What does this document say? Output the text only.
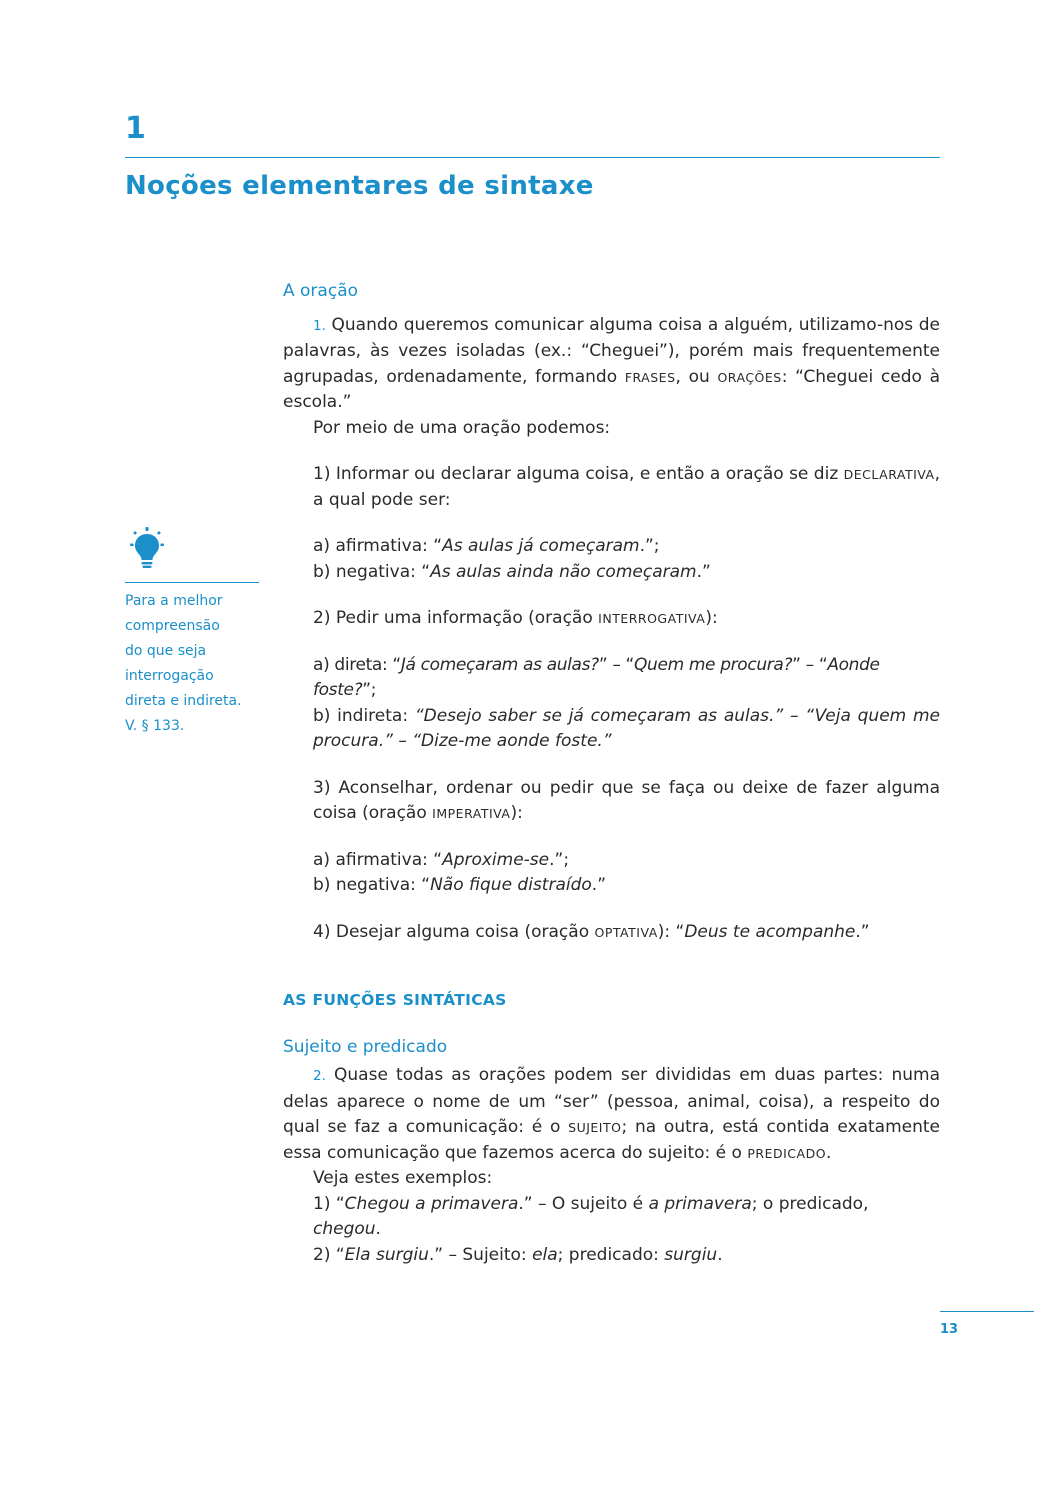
1
Noções elementares de sintaxe

A oração

1. Quando queremos comunicar alguma coisa a alguém, utilizamo-nos de palavras, às vezes isoladas (ex.: “Cheguei”), porém mais frequentemente agrupadas, ordenadamente, formando FRASES, ou ORAÇÕES: “Cheguei cedo à escola.”

Por meio de uma oração podemos:

1) Informar ou declarar alguma coisa, e então a oração se diz DECLARATIVA, a qual pode ser:

a) afirmativa: “As aulas já começaram.”;

b) negativa: “As aulas ainda não começaram.”

2) Pedir uma informação (oração INTERROGATIVA):

a) direta: “Já começaram as aulas?” – “Quem me procura?” – “Aonde foste?”;

b) indireta: “Desejo saber se já começaram as aulas.” – “Veja quem me procura.” – “Dize-me aonde foste.”

3) Aconselhar, ordenar ou pedir que se faça ou deixe de fazer alguma coisa (oração IMPERATIVA):

a) afirmativa: “Aproxime-se.”;

b) negativa: “Não fique distraído.”

4) Desejar alguma coisa (oração OPTATIVA): “Deus te acompanhe.”

AS FUNÇÕES SINTÁTICAS

Sujeito e predicado

2. Quase todas as orações podem ser divididas em duas partes: numa delas aparece o nome de um “ser” (pessoa, animal, coisa), a respeito do qual se faz a comunicação: é o SUJEITO; na outra, está contida exatamente essa comunicação que fazemos acerca do sujeito: é o PREDICADO.

Veja estes exemplos:

1) “Chegou a primavera.” – O sujeito é a primavera; o predicado, chegou.

2) “Ela surgiu.” – Sujeito: ela; predicado: surgiu.

Para a melhor
compreensão
do que seja
interrogação
direta e indireta.
V. § 133.
13
